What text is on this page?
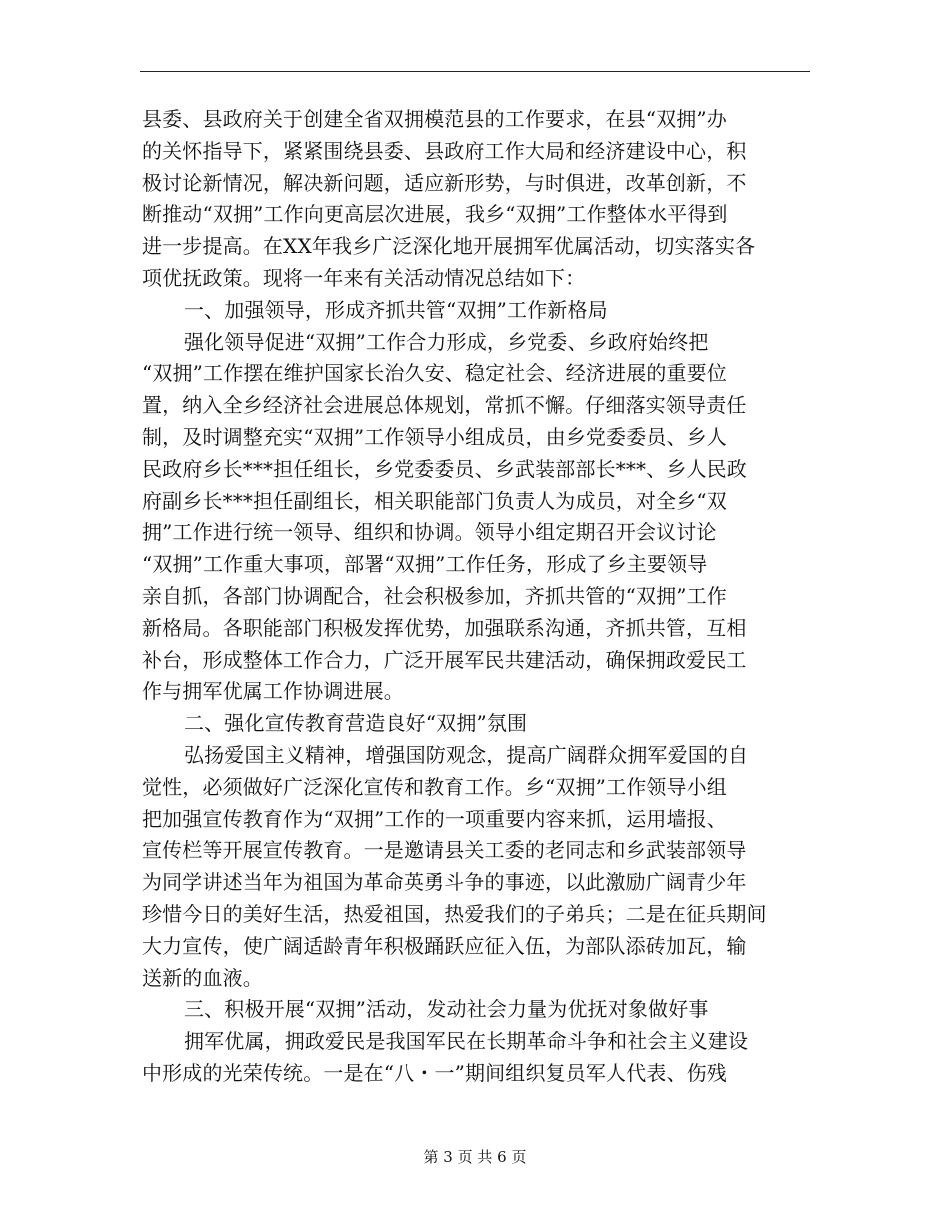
县委、县政府关于创建全省双拥模范县的工作要求，在县“双拥”办
的关怀指导下，紧紧围绕县委、县政府工作大局和经济建设中心，积
极讨论新情况，解决新问题，适应新形势，与时俱进，改革创新，不
断推动“双拥”工作向更高层次进展，我乡“双拥”工作整体水平得到
进一步提高。在XX年我乡广泛深化地开展拥军优属活动，切实落实各
项优抚政策。现将一年来有关活动情况总结如下：
一、加强领导，形成齐抓共管“双拥”工作新格局
强化领导促进“双拥”工作合力形成，乡党委、乡政府始终把
“双拥”工作摆在维护国家长治久安、稳定社会、经济进展的重要位
置，纳入全乡经济社会进展总体规划，常抓不懈。仔细落实领导责任
制，及时调整充实“双拥”工作领导小组成员，由乡党委委员、乡人
民政府乡长***担任组长，乡党委委员、乡武装部部长***、乡人民政
府副乡长***担任副组长，相关职能部门负责人为成员，对全乡“双
拥”工作进行统一领导、组织和协调。领导小组定期召开会议讨论
“双拥”工作重大事项，部署“双拥”工作任务，形成了乡主要领导
亲自抓，各部门协调配合，社会积极参加，齐抓共管的“双拥”工作
新格局。各职能部门积极发挥优势，加强联系沟通，齐抓共管，互相
补台，形成整体工作合力，广泛开展军民共建活动，确保拥政爱民工
作与拥军优属工作协调进展。
二、强化宣传教育营造良好“双拥”氛围
弘扬爱国主义精神，增强国防观念，提高广阔群众拥军爱国的自
觉性，必须做好广泛深化宣传和教育工作。乡“双拥”工作领导小组
把加强宣传教育作为“双拥”工作的一项重要内容来抓，运用墙报、
宣传栏等开展宣传教育。一是邀请县关工委的老同志和乡武装部领导
为同学讲述当年为祖国为革命英勇斗争的事迹，以此激励广阔青少年
珍惜今日的美好生活，热爱祖国，热爱我们的子弟兵；二是在征兵期间
大力宣传，使广阔适龄青年积极踊跃应征入伍，为部队添砖加瓦，输
送新的血液。
三、积极开展“双拥”活动，发动社会力量为优抚对象做好事
拥军优属，拥政爱民是我国军民在长期革命斗争和社会主义建设
中形成的光荣传统。一是在“八・一”期间组织复员军人代表、伤残
第 3 页 共 6 页
